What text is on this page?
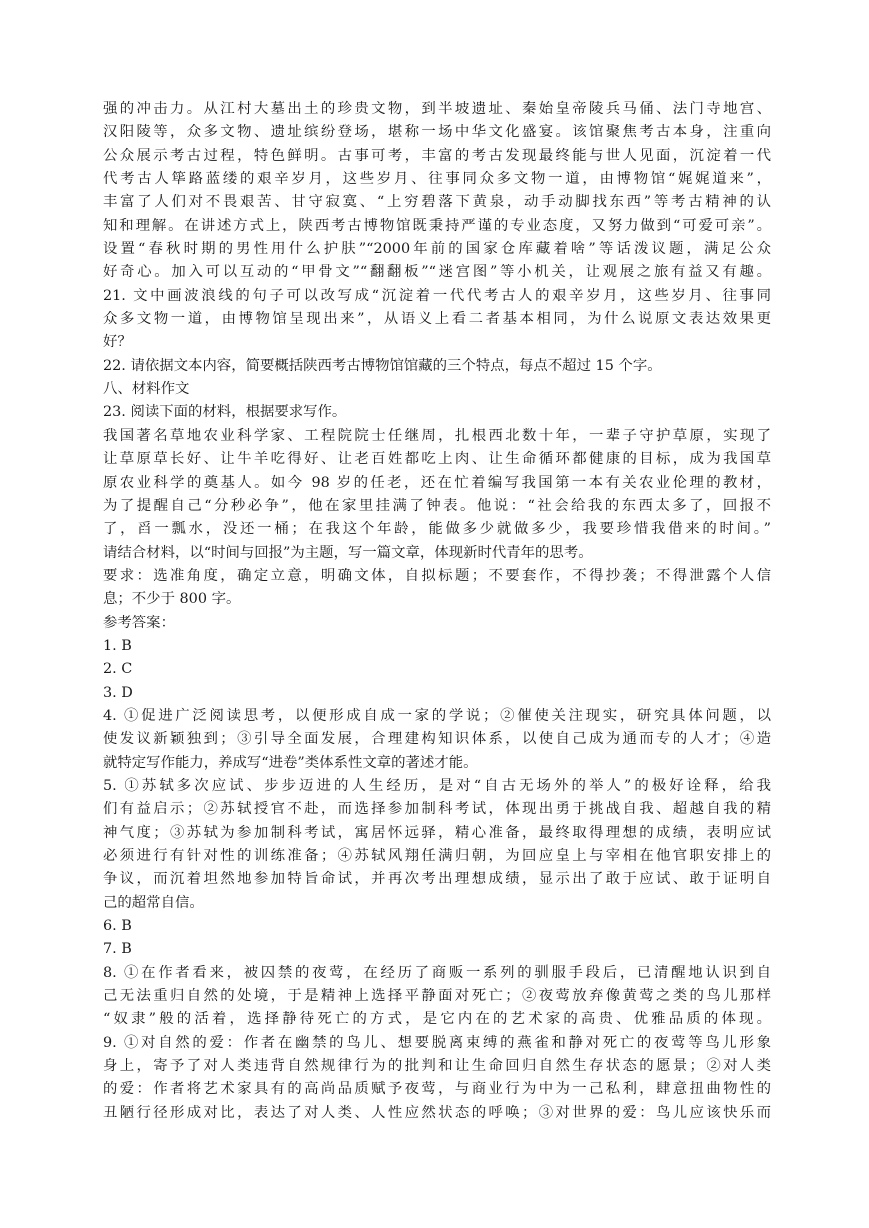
强的冲击力。从江村大墓出土的珍贵文物，到半坡遗址、秦始皇帝陵兵马俑、法门寺地宫、

汉阳陵等，众多文物、遗址缤纷登场，堪称一场中华文化盛宴。该馆聚焦考古本身，注重向

公众展示考古过程，特色鲜明。古事可考，丰富的考古发现最终能与世人见面，沉淀着一代

代考古人筚路蓝缕的艰辛岁月，这些岁月、往事同众多文物一道，由博物馆“娓娓道来”，

丰富了人们对不畏艰苦、甘守寂寞、“上穷碧落下黄泉，动手动脚找东西”等考古精神的认

知和理解。在讲述方式上，陕西考古博物馆既秉持严谨的专业态度，又努力做到“可爱可亲”。

设置“春秋时期的男性用什么护肤”“2000年前的国家仓库藏着啥”等话泼议题，满足公众

好奇心。加入可以互动的“甲骨文”“翻翻板”“迷宫图”等小机关，让观展之旅有益又有趣。

21. 文中画波浪线的句子可以改写成“沉淀着一代代考古人的艰辛岁月，这些岁月、往事同

众多文物一道，由博物馆呈现出来”，从语义上看二者基本相同，为什么说原文表达效果更

好？

22. 请依据文本内容，简要概括陕西考古博物馆馆藏的三个特点，每点不超过 15 个字。

八、材料作文

23. 阅读下面的材料，根据要求写作。

我国著名草地农业科学家、工程院院士任继周，扎根西北数十年，一辈子守护草原，实现了

让草原草长好、让牛羊吃得好、让老百姓都吃上肉、让生命循环都健康的目标，成为我国草

原农业科学的奠基人。如今 98 岁的任老，还在忙着编写我国第一本有关农业伦理的教材，

为了提醒自己“分秒必争”，他在家里挂满了钟表。他说：“社会给我的东西太多了，回报不

了，舀一瓢水，没还一桶；在我这个年龄，能做多少就做多少，我要珍惜我借来的时间。”

请结合材料，以“时间与回报”为主题，写一篇文章，体现新时代青年的思考。

要求：选准角度，确定立意，明确文体，自拟标题；不要套作，不得抄袭；不得泄露个人信

息；不少于 800 字。

参考答案：

1. B

2. C

3. D

4. ①促进广泛阅读思考，以便形成自成一家的学说；②催使关注现实，研究具体问题，以

使发议新颖独到；③引导全面发展，合理建构知识体系，以使自己成为通而专的人才；④造

就特定写作能力，养成写“进卷”类体系性文章的著述才能。

5. ①苏轼多次应试、步步迈进的人生经历，是对“自古无场外的举人”的极好诠释，给我

们有益启示；②苏轼授官不赴，而选择参加制科考试，体现出勇于挑战自我、超越自我的精

神气度；③苏轼为参加制科考试，寓居怀远驿，精心准备，最终取得理想的成绩，表明应试

必须进行有针对性的训练准备；④苏轼风翔任满归朝，为回应皇上与宰相在他官职安排上的

争议，而沉着坦然地参加特旨命试，并再次考出理想成绩，显示出了敢于应试、敢于证明自

己的超常自信。

6. B

7. B

8. ①在作者看来，被囚禁的夜莺，在经历了商贩一系列的驯服手段后，已清醒地认识到自

己无法重归自然的处境，于是精神上选择平静面对死亡；②夜莺放弃像黄莺之类的鸟儿那样

“奴隶”般的活着，选择静待死亡的方式，是它内在的艺术家的高贵、优雅品质的体现。

9. ①对自然的爱：作者在幽禁的鸟儿、想要脱离束缚的燕雀和静对死亡的夜莺等鸟儿形象

身上，寄予了对人类违背自然规律行为的批判和让生命回归自然生存状态的愿景；②对人类

的爱：作者将艺术家具有的高尚品质赋予夜莺，与商业行为中为一己私利，肆意扭曲物性的

丑陋行径形成对比，表达了对人类、人性应然状态的呼唤；③对世界的爱：鸟儿应该快乐而
